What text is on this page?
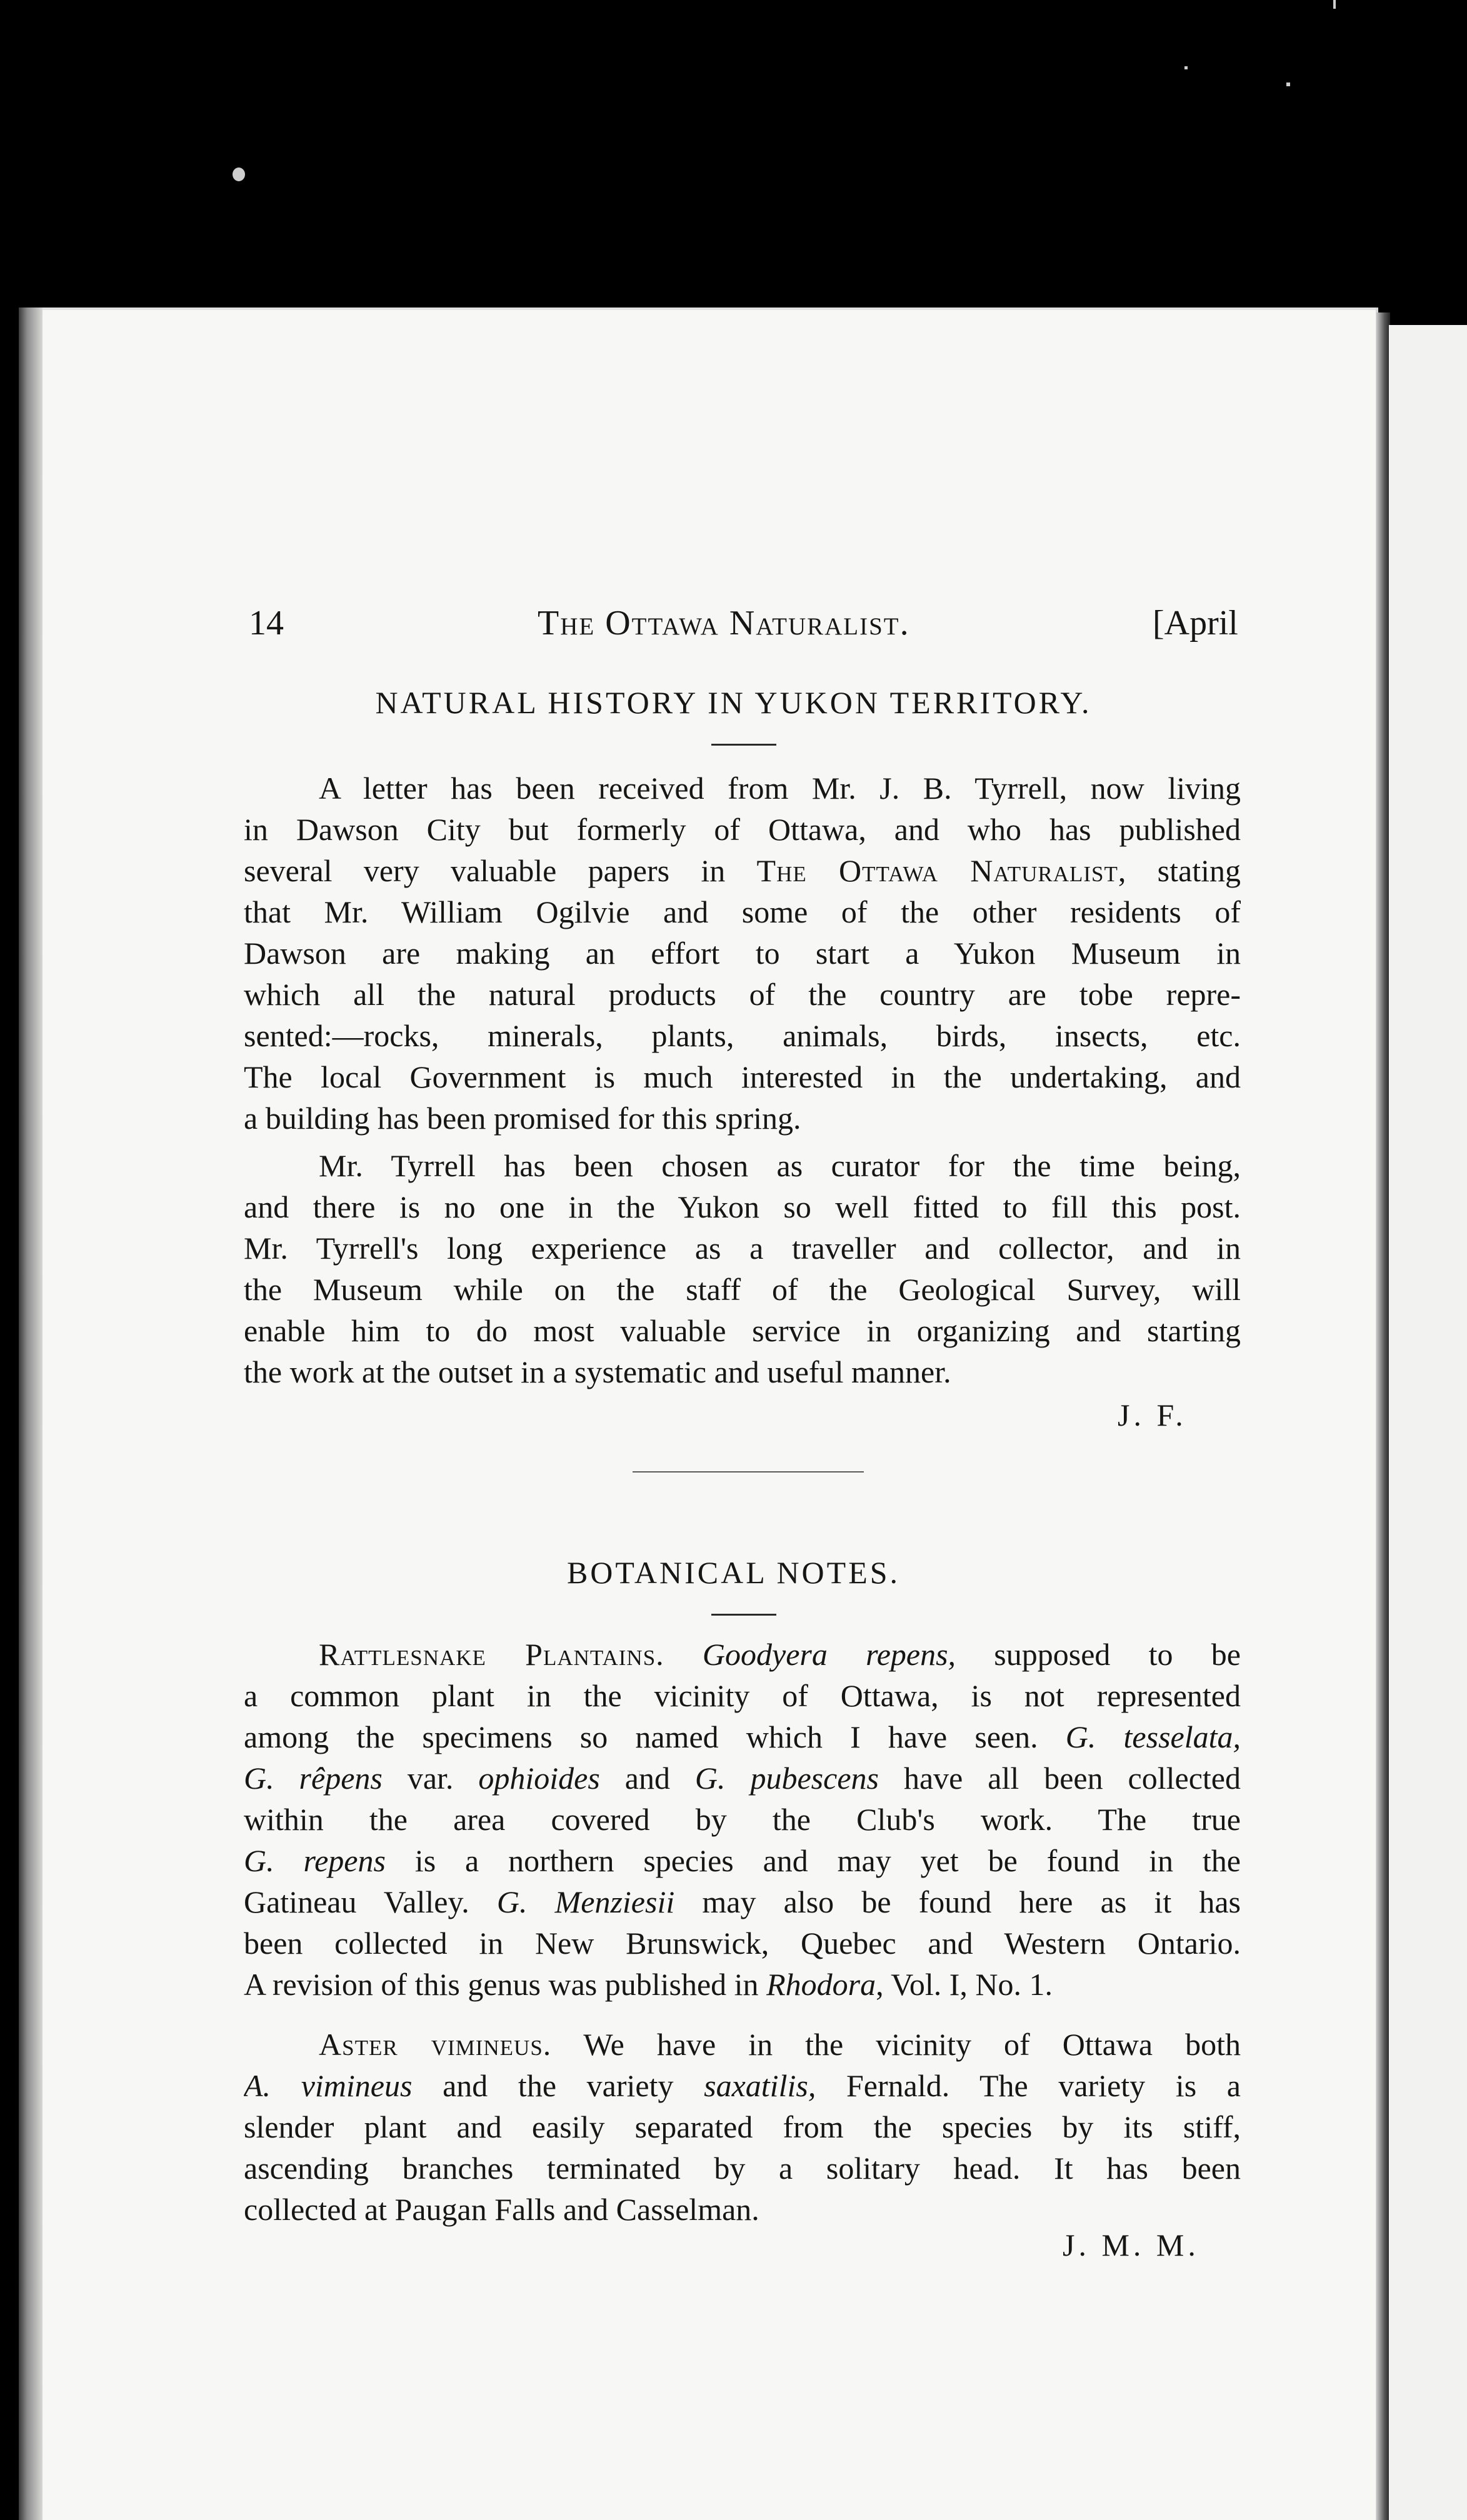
14	The Ottawa Naturalist.	[April
NATURAL HISTORY IN YUKON TERRITORY.
A letter has been received from Mr. J. B. Tyrrell, now living
in Dawson City but formerly of Ottawa, and who has published
several very valuable papers in The Ottawa Naturalist, stating
that Mr. William Ogilvie and some of the other residents of
Dawson are making an effort to start a Yukon Museum in
which all the natural products of the country are tobe repre-
sented:—rocks, minerals, plants, animals, birds, insects, etc.
The local Government is much interested in the undertaking, and
a building has been promised for this spring.
Mr. Tyrrell has been chosen as curator for the time being,
and there is no one in the Yukon so well fitted to fill this post.
Mr. Tyrrell's long experience as a traveller and collector, and in
the Museum while on the staff of the Geological Survey, will
enable him to do most valuable service in organizing and starting
the work at the outset in a systematic and useful manner.
J. F.
BOTANICAL NOTES.
Rattlesnake Plantains. Goodyera repens, supposed to be
a common plant in the vicinity of Ottawa, is not represented
among the specimens so named which I have seen. G. tesselata,
G. rêpens var. ophioides and G. pubescens have all been collected
within the area covered by the Club's work. The true
G. repens is a northern species and may yet be found in the
Gatineau Valley. G. Menziesii may also be found here as it has
been collected in New Brunswick, Quebec and Western Ontario.
A revision of this genus was published in Rhodora, Vol. I, No. 1.
Aster vimineus. We have in the vicinity of Ottawa both
A. vimineus and the variety saxatilis, Fernald. The variety is a
slender plant and easily separated from the species by its stiff,
ascending branches terminated by a solitary head. It has been
collected at Paugan Falls and Casselman.
J. M. M.
